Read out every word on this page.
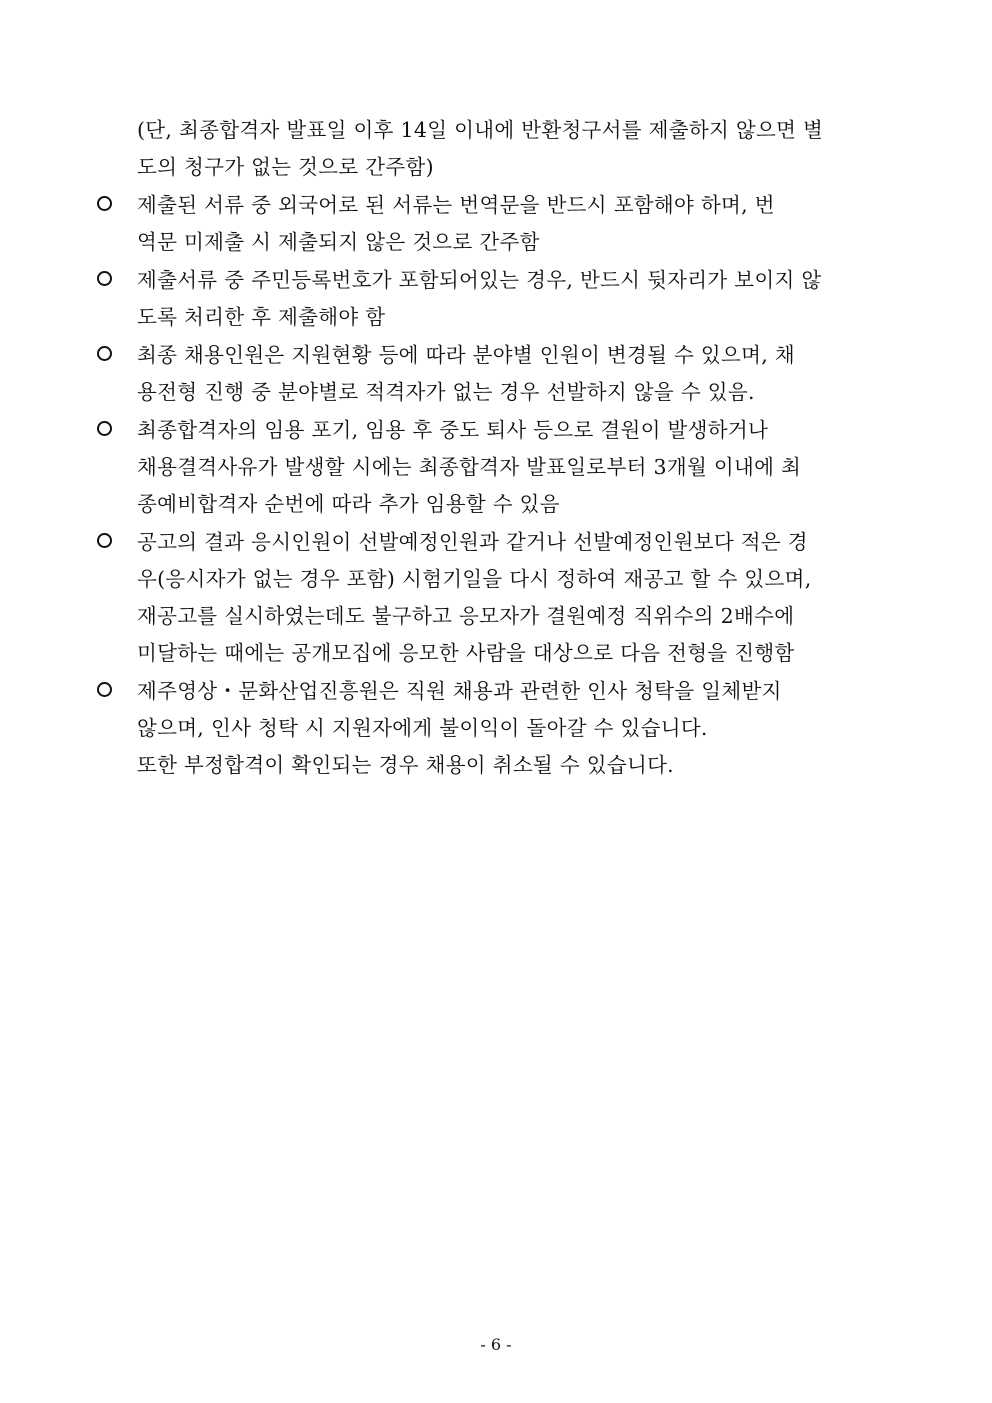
(단, 최종합격자 발표일 이후 14일 이내에 반환청구서를 제출하지 않으면 별
도의 청구가 없는 것으로 간주함)
제출된 서류 중 외국어로 된 서류는 번역문을 반드시 포함해야 하며, 번
역문 미제출 시 제출되지 않은 것으로 간주함
제출서류 중 주민등록번호가 포함되어있는 경우, 반드시 뒷자리가 보이지 않
도록 처리한 후 제출해야 함
최종 채용인원은 지원현황 등에 따라 분야별 인원이 변경될 수 있으며, 채
용전형 진행 중 분야별로 적격자가 없는 경우 선발하지 않을 수 있음.
최종합격자의 임용 포기, 임용 후 중도 퇴사 등으로 결원이 발생하거나
채용결격사유가 발생할 시에는 최종합격자 발표일로부터 3개월 이내에 최
종예비합격자 순번에 따라 추가 임용할 수 있음
공고의 결과 응시인원이 선발예정인원과 같거나 선발예정인원보다 적은 경
우(응시자가 없는 경우 포함) 시험기일을 다시 정하여 재공고 할 수 있으며,
재공고를 실시하였는데도 불구하고 응모자가 결원예정 직위수의 2배수에
미달하는 때에는 공개모집에 응모한 사람을 대상으로 다음 전형을 진행함
제주영상・문화산업진흥원은 직원 채용과 관련한 인사 청탁을 일체받지
않으며, 인사 청탁 시 지원자에게 불이익이 돌아갈 수 있습니다.
또한 부정합격이 확인되는 경우 채용이 취소될 수 있습니다.
- 6 -
